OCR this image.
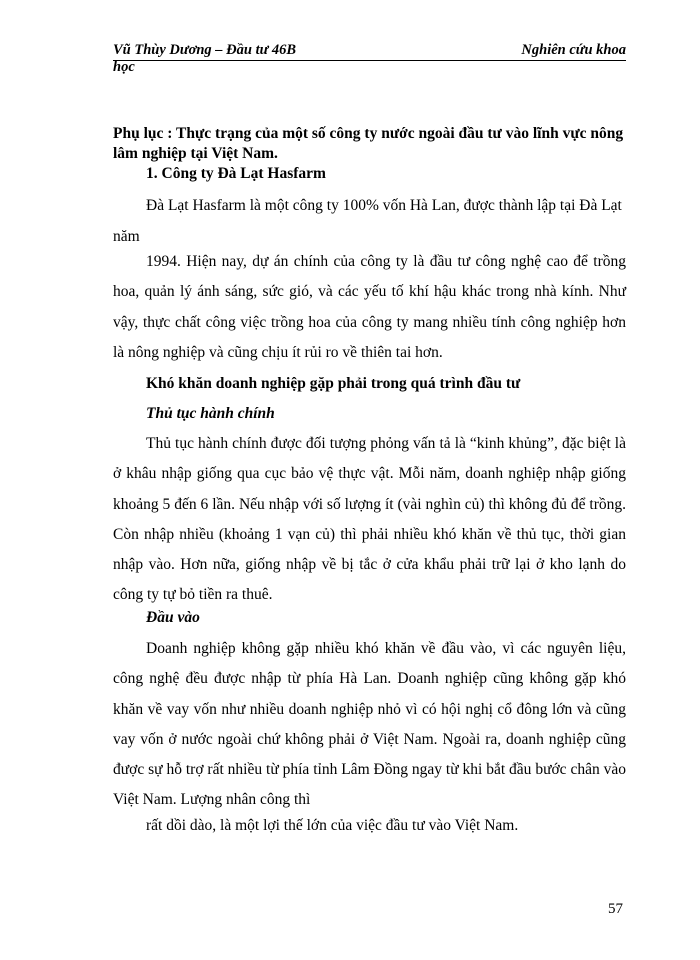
Vũ Thùy Dương – Đầu tư 46B	Nghiên cứu khoa
học
Phụ lục : Thực trạng của một số công ty nước ngoài đầu tư vào lĩnh vực nông lâm nghiệp tại Việt Nam.
1. Công ty Đà Lạt Hasfarm
Đà Lạt Hasfarm là một công ty 100% vốn Hà Lan, được thành lập tại Đà Lạt
năm
1994. Hiện nay, dự án chính của công ty là đầu tư công nghệ cao để trồng hoa, quản lý ánh sáng, sức gió, và các yếu tố khí hậu khác trong nhà kính. Như vậy, thực chất công việc trồng hoa của công ty mang nhiều tính công nghiệp hơn là nông nghiệp và cũng chịu ít rủi ro về thiên tai hơn.
Khó khăn doanh nghiệp gặp phải trong quá trình đầu tư
Thủ tục hành chính
Thủ tục hành chính được đối tượng phỏng vấn tả là “kinh khủng”, đặc biệt là ở khâu nhập giống qua cục bảo vệ thực vật. Mỗi năm, doanh nghiệp nhập giống khoảng 5 đến 6 lần. Nếu nhập với số lượng ít (vài nghìn củ) thì không đủ để trồng. Còn nhập nhiều (khoảng 1 vạn củ) thì phải nhiều khó khăn về thủ tục, thời gian nhập vào. Hơn nữa, giống nhập về bị tắc ở cửa khẩu phải trữ lại ở kho lạnh do công ty tự bỏ tiền ra thuê.
Đầu vào
Doanh nghiệp không gặp nhiều khó khăn về đầu vào, vì các nguyên liệu, công nghệ đều được nhập từ phía Hà Lan. Doanh nghiệp cũng không gặp khó khăn về vay vốn như nhiều doanh nghiệp nhỏ vì có hội nghị cổ đông lớn và cũng vay vốn ở nước ngoài chứ không phải ở Việt Nam. Ngoài ra, doanh nghiệp cũng được sự hỗ trợ rất nhiều từ phía tỉnh Lâm Đồng ngay từ khi bắt đầu bước chân vào Việt Nam. Lượng nhân công thì
rất dồi dào, là một lợi thế lớn của việc đầu tư vào Việt Nam.
57
